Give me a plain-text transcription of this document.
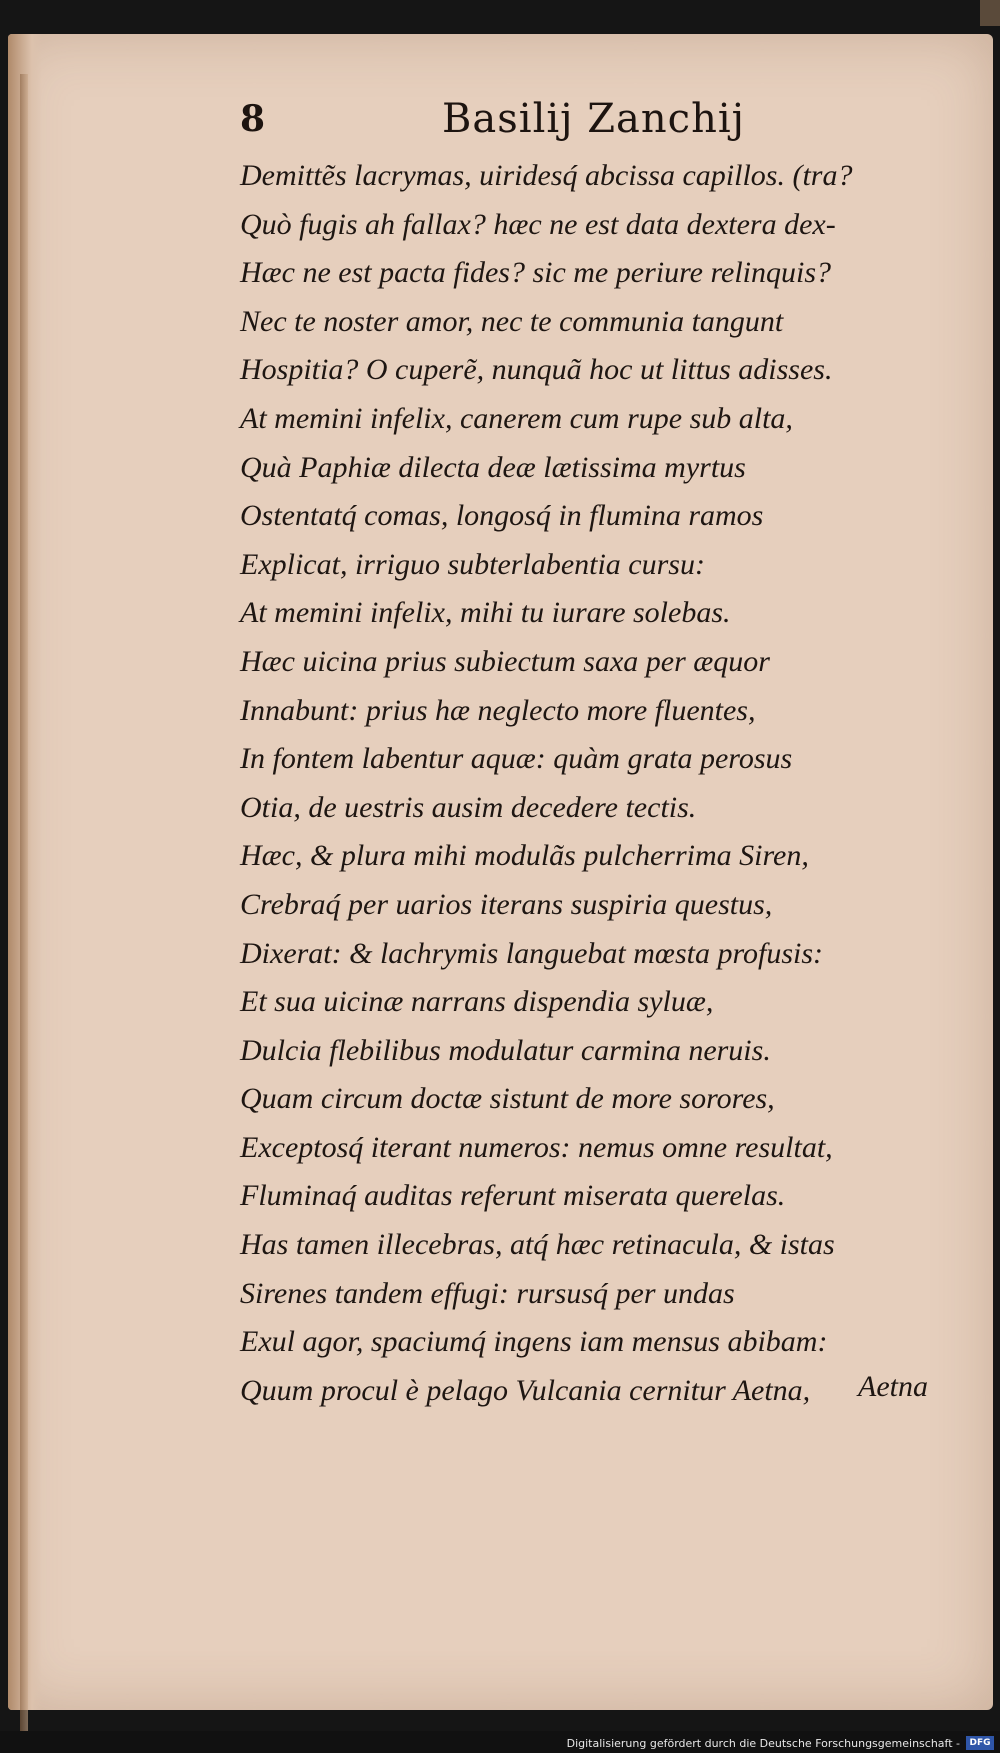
8	Basilij Zanchij
Demittẽs lacrymas, uiridesq́ abcissa capillos. (tra?
Quò fugis ah fallax? hæc ne est data dextera dex-
Hæc ne est pacta fides? sic me periure relinquis?
Nec te noster amor, nec te communia tangunt
Hospitia? O cuperẽ, nunquã hoc ut littus adisses.
At memini infelix, canerem cum rupe sub alta,
Quà Paphiæ dilecta deæ lætissima myrtus
Ostentatq́ comas, longosq́ in flumina ramos
Explicat, irriguo subterlabentia cursu:
At memini infelix, mihi tu iurare solebas.
Hæc uicina prius subiectum saxa per æquor
Innabunt: prius hæ neglecto more fluentes,
In fontem labentur aquæ: quàm grata perosus
Otia, de uestris ausim decedere tectis.
Hæc, & plura mihi modulãs pulcherrima Siren,
Crebraq́ per uarios iterans suspiria questus,
Dixerat: & lachrymis languebat mœsta profusis:
Et sua uicinæ narrans dispendia syluæ,
Dulcia flebilibus modulatur carmina neruis.
Quam circum doctæ sistunt de more sorores,
Exceptosq́ iterant numeros: nemus omne resultat,
Fluminaq́ auditas referunt miserata querelas.
Has tamen illecebras, atq́ hæc retinacula, & istas
Sirenes tandem effugi: rursusq́ per undas
Exul agor, spaciumq́ ingens iam mensus abibam:
Quum procul è pelago Vulcania cernitur Aetna,	Aetna
Digitalisierung gefördert durch die Deutsche Forschungsgemeinschaft -	DFG
